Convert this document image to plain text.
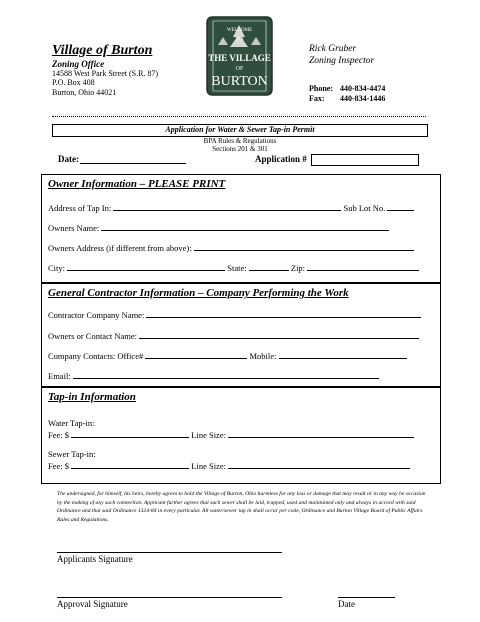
Village of Burton
Zoning Office
14588 West Park Street (S.R. 87)
P.O. Box 408
Burton, Ohio 44021
WELCOME
TO
THE VILLAGE
OF
BURTON
Rick Gruber
Zoning Inspector
Phone: 440-834-4474
Fax: 440-834-1446
Application for Water & Sewer Tap-in Permit
BPA Rules & Regulations
Sections 201 & 301
Date:	Application #
Owner Information – PLEASE PRINT
Address of Tap In:	Sub Lot No.
Owners Name:
Owners Address (if different from above):
City:	State:	Zip:
General Contractor Information – Company Performing the Work
Contractor Company Name:
Owners or Contact Name:
Company Contacts: Office#	Mobile:
Email:
Tap-in Information
Water Tap-in:
Fee: $	Line Size:
Sewer Tap-in:
Fee: $	Line Size:
The undersigned, for himself, his heirs, hereby agrees to hold the Village of Burton, Ohio harmless for any loss or damage that may result or in any way be occasion by the making of any such connection. Applicant further agrees that such sewer shall be laid, trapped, used and maintained only and always in accord with said Ordinance and that said Ordinance 1324-84 in every particular. All water/sewer tap in shall occur per code, Ordinance and Burton Village Board of Public Affairs Rules and Regulations.
Applicants Signature
Approval Signature	Date
